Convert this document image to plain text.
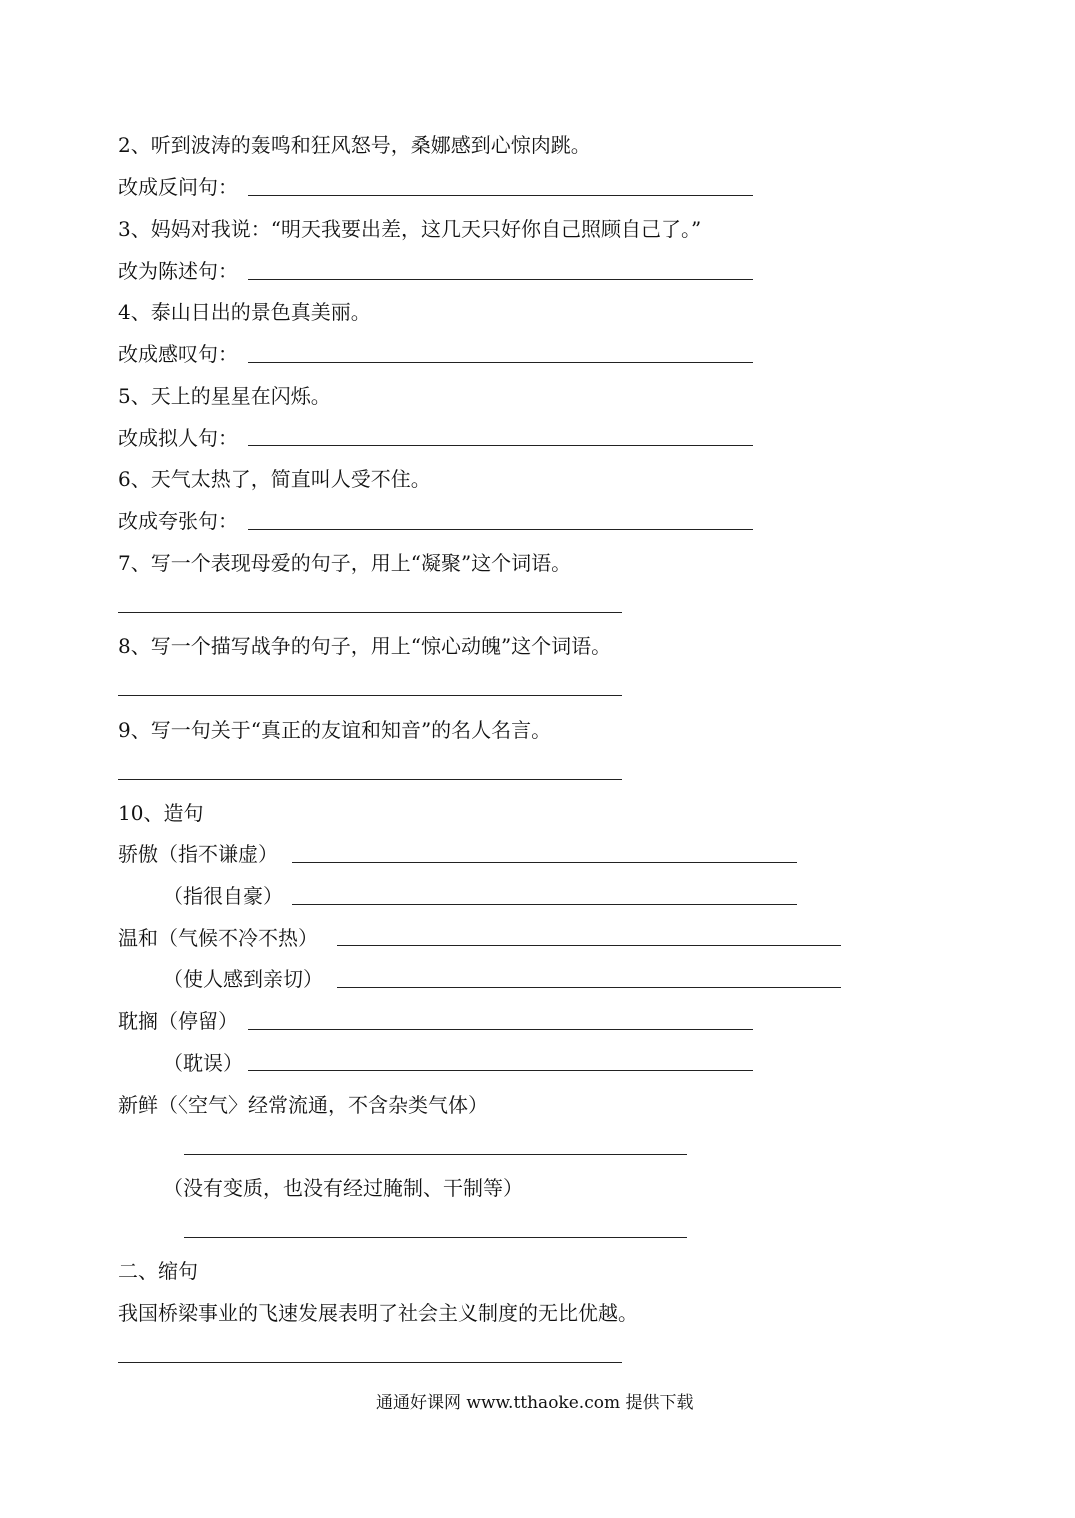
2、听到波涛的轰鸣和狂风怒号，桑娜感到心惊肉跳。

改成反问句：

3、妈妈对我说：“明天我要出差，这几天只好你自己照顾自己了。”

改为陈述句：

4、泰山日出的景色真美丽。

改成感叹句：

5、天上的星星在闪烁。

改成拟人句：

6、天气太热了，简直叫人受不住。

改成夸张句：

7、写一个表现母爱的句子，用上“凝聚”这个词语。

8、写一个描写战争的句子，用上“惊心动魄”这个词语。

9、写一句关于“真正的友谊和知音”的名人名言。

10、造句

骄傲（指不谦虚）

（指很自豪）

温和（气候不冷不热）

（使人感到亲切）

耽搁（停留）

（耽误）

新鲜（〈空气〉经常流通，不含杂类气体）

（没有变质，也没有经过腌制、干制等）

二、缩句

我国桥梁事业的飞速发展表明了社会主义制度的无比优越。

通通好课网 www.tthaoke.com 提供下载
